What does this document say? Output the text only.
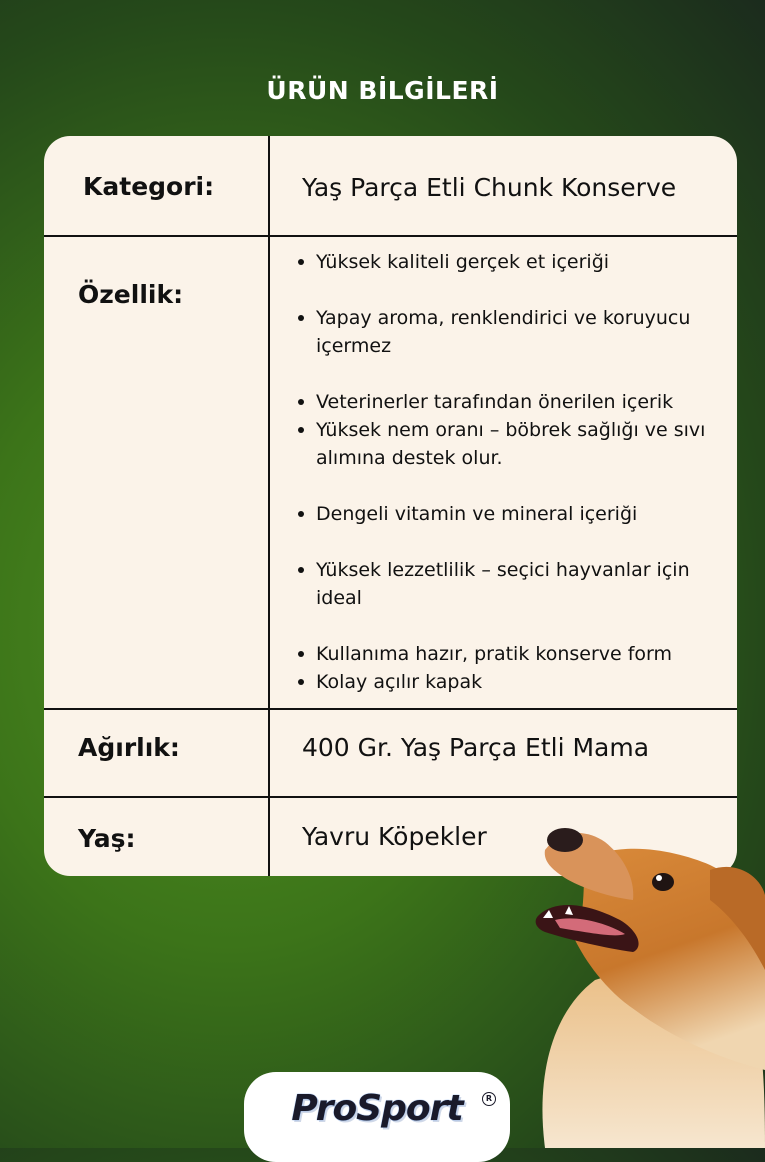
ÜRÜN BİLGİLERİ
Kategori:	Yaş Parça Etli Chunk Konserve
Özellik:
Yüksek kaliteli gerçek et içeriği
Yapay aroma, renklendirici ve koruyucu içermez
Veterinerler tarafından önerilen içerik
Yüksek nem oranı – böbrek sağlığı ve sıvı alımına destek olur.
Dengeli vitamin ve mineral içeriği
Yüksek lezzetlilik – seçici hayvanlar için ideal
Kullanıma hazır, pratik konserve form
Kolay açılır kapak
Ağırlık:	400 Gr. Yaş Parça Etli Mama
Yaş:	Yavru Köpekler
ProSport	R
